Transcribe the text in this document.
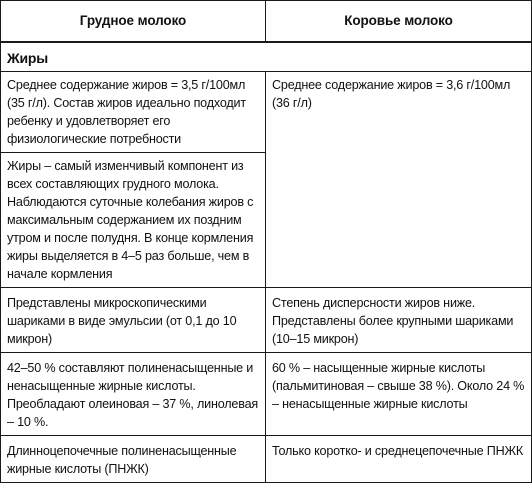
Грудное молоко	Коровье молоко
Жиры	
Среднее содержание жиров = 3,5 г/100мл (35 г/л). Состав жиров идеально подходит ребенку и удовлетворяет его физиологические потребности	Среднее содержание жиров = 3,6 г/100мл (36 г/л)
Жиры – самый изменчивый компонент из всех составляющих грудного молока. Наблюдаются суточные колебания жиров с максимальным содержанием их поздним утром и после полудня. В конце кормления жиры выделяется в 4–5 раз больше, чем в начале кормления	
Представлены микроскопическими шариками в виде эмульсии (от 0,1 до 10 микрон)	Степень дисперсности жиров ниже. Представлены более крупными шариками (10–15 микрон)
42–50 % составляют полиненасыщенные и ненасыщенные жирные кислоты. Преобладают олеиновая – 37 %, линолевая – 10 %.	60 % – насыщенные жирные кислоты (пальмитиновая – свыше 38 %). Около 24 % – ненасыщенные жирные кислоты
Длинноцепочечные полиненасыщенные жирные кислоты (ПНЖК)	Только коротко- и среднецепочечные ПНЖК
